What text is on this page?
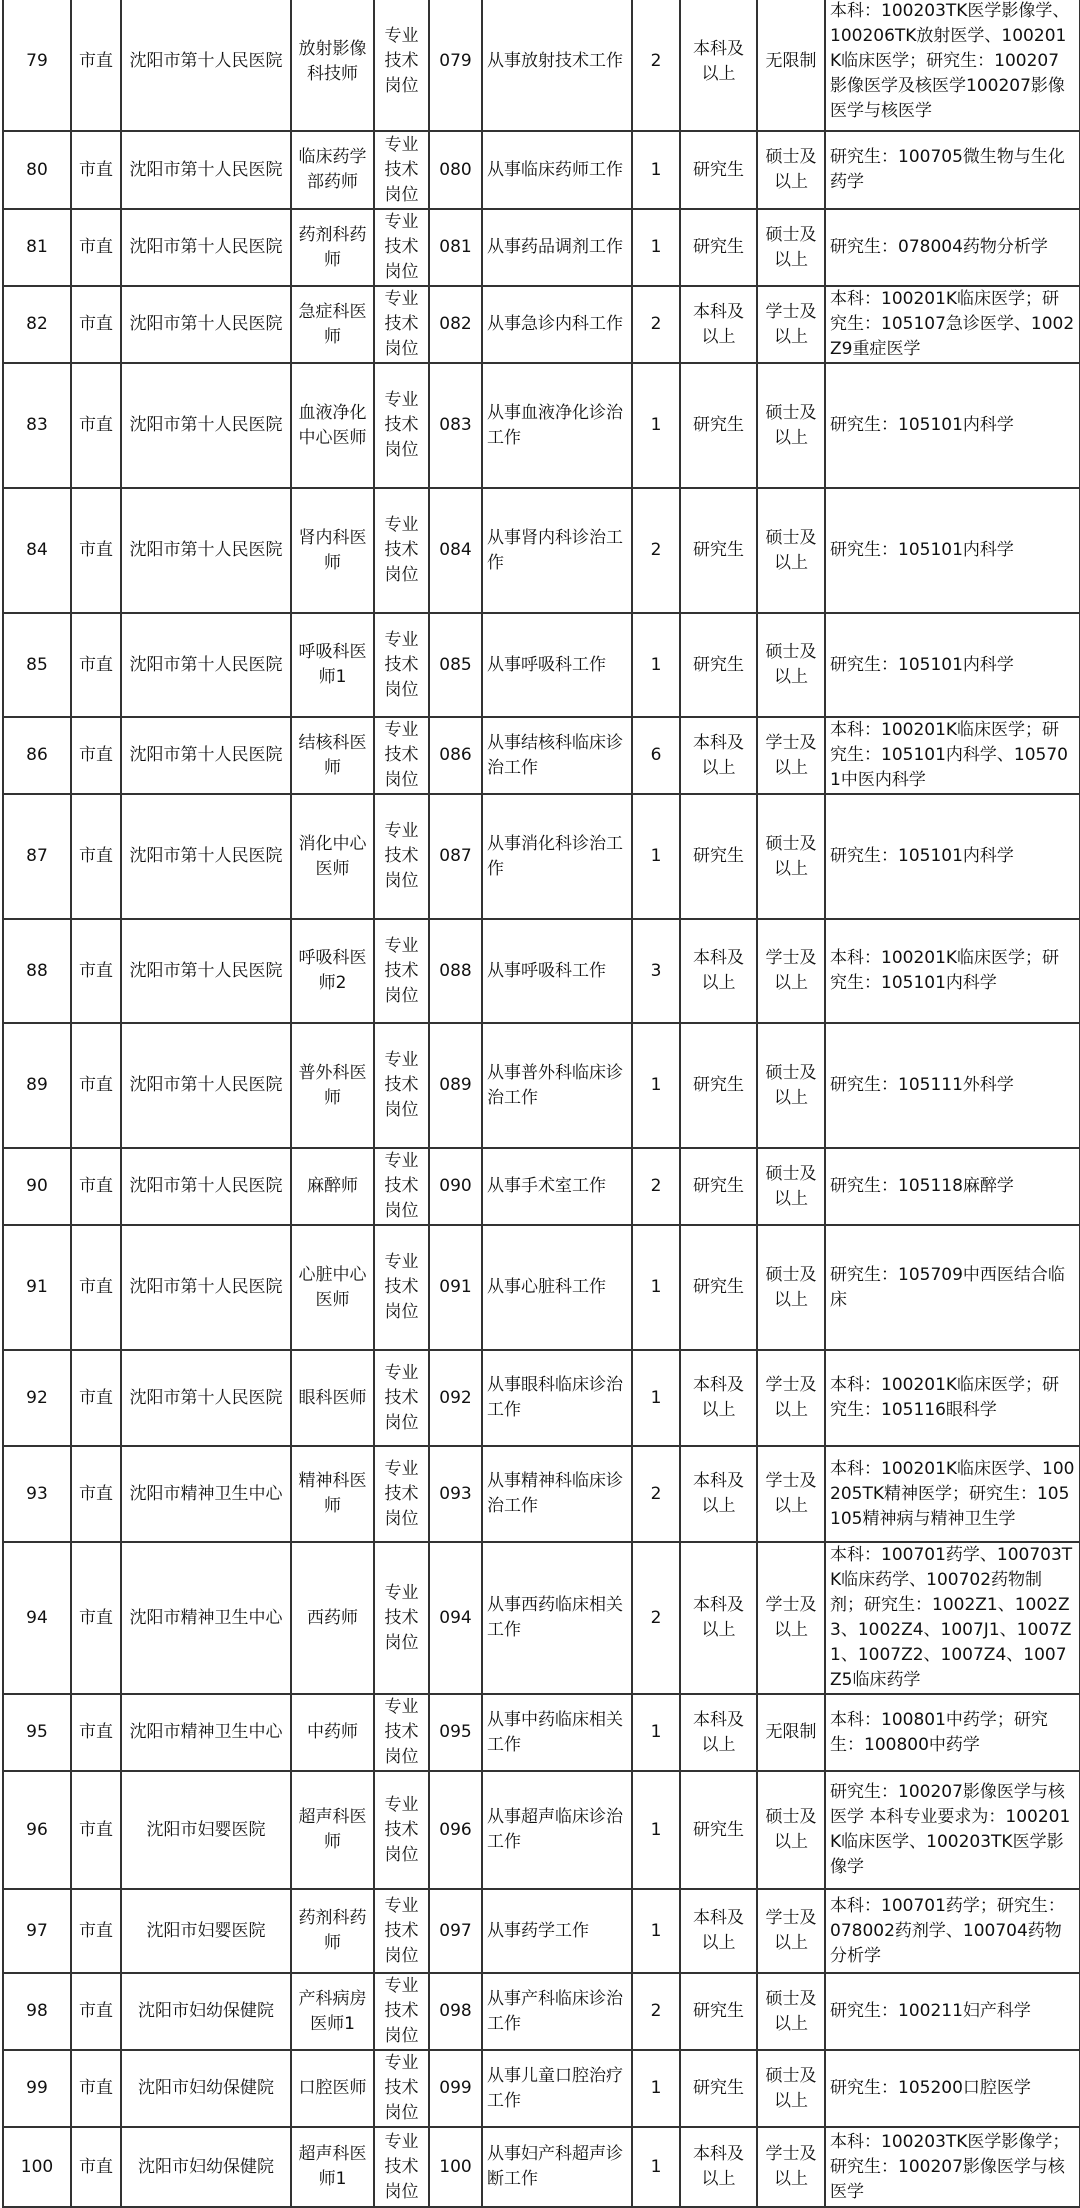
79	市直	沈阳市第十人民医院	放射影像科技师	专业技术岗位	079	从事放射技术工作	2	本科及以上	无限制	本科：100203TK医学影像学、100206TK放射医学、100201K临床医学；研究生：100207影像医学及核医学100207影像医学与核医学
80	市直	沈阳市第十人民医院	临床药学部药师	专业技术岗位	080	从事临床药师工作	1	研究生	硕士及以上	研究生：100705微生物与生化药学
81	市直	沈阳市第十人民医院	药剂科药师	专业技术岗位	081	从事药品调剂工作	1	研究生	硕士及以上	研究生：078004药物分析学
82	市直	沈阳市第十人民医院	急症科医师	专业技术岗位	082	从事急诊内科工作	2	本科及以上	学士及以上	本科：100201K临床医学；研究生：105107急诊医学、1002Z9重症医学
83	市直	沈阳市第十人民医院	血液净化中心医师	专业技术岗位	083	从事血液净化诊治工作	1	研究生	硕士及以上	研究生：105101内科学
84	市直	沈阳市第十人民医院	肾内科医师	专业技术岗位	084	从事肾内科诊治工作	2	研究生	硕士及以上	研究生：105101内科学
85	市直	沈阳市第十人民医院	呼吸科医师1	专业技术岗位	085	从事呼吸科工作	1	研究生	硕士及以上	研究生：105101内科学
86	市直	沈阳市第十人民医院	结核科医师	专业技术岗位	086	从事结核科临床诊治工作	6	本科及以上	学士及以上	本科：100201K临床医学；研究生：105101内科学、105701中医内科学
87	市直	沈阳市第十人民医院	消化中心医师	专业技术岗位	087	从事消化科诊治工作	1	研究生	硕士及以上	研究生：105101内科学
88	市直	沈阳市第十人民医院	呼吸科医师2	专业技术岗位	088	从事呼吸科工作	3	本科及以上	学士及以上	本科：100201K临床医学；研究生：105101内科学
89	市直	沈阳市第十人民医院	普外科医师	专业技术岗位	089	从事普外科临床诊治工作	1	研究生	硕士及以上	研究生：105111外科学
90	市直	沈阳市第十人民医院	麻醉师	专业技术岗位	090	从事手术室工作	2	研究生	硕士及以上	研究生：105118麻醉学
91	市直	沈阳市第十人民医院	心脏中心医师	专业技术岗位	091	从事心脏科工作	1	研究生	硕士及以上	研究生：105709中西医结合临床
92	市直	沈阳市第十人民医院	眼科医师	专业技术岗位	092	从事眼科临床诊治工作	1	本科及以上	学士及以上	本科：100201K临床医学；研究生：105116眼科学
93	市直	沈阳市精神卫生中心	精神科医师	专业技术岗位	093	从事精神科临床诊治工作	2	本科及以上	学士及以上	本科：100201K临床医学、100205TK精神医学；研究生：105105精神病与精神卫生学
94	市直	沈阳市精神卫生中心	西药师	专业技术岗位	094	从事西药临床相关工作	2	本科及以上	学士及以上	本科：100701药学、100703TK临床药学、100702药物制剂；研究生：1002Z1、1002Z3、1002Z4、1007J1、1007Z1、1007Z2、1007Z4、1007Z5临床药学
95	市直	沈阳市精神卫生中心	中药师	专业技术岗位	095	从事中药临床相关工作	1	本科及以上	无限制	本科：100801中药学；研究生：100800中药学
96	市直	沈阳市妇婴医院	超声科医师	专业技术岗位	096	从事超声临床诊治工作	1	研究生	硕士及以上	研究生：100207影像医学与核医学 本科专业要求为：100201K临床医学、100203TK医学影像学
97	市直	沈阳市妇婴医院	药剂科药师	专业技术岗位	097	从事药学工作	1	本科及以上	学士及以上	本科：100701药学；研究生：078002药剂学、100704药物分析学
98	市直	沈阳市妇幼保健院	产科病房医师1	专业技术岗位	098	从事产科临床诊治工作	2	研究生	硕士及以上	研究生：100211妇产科学
99	市直	沈阳市妇幼保健院	口腔医师	专业技术岗位	099	从事儿童口腔治疗工作	1	研究生	硕士及以上	研究生：105200口腔医学
100	市直	沈阳市妇幼保健院	超声科医师1	专业技术岗位	100	从事妇产科超声诊断工作	1	本科及以上	学士及以上	本科：100203TK医学影像学；研究生：100207影像医学与核医学
